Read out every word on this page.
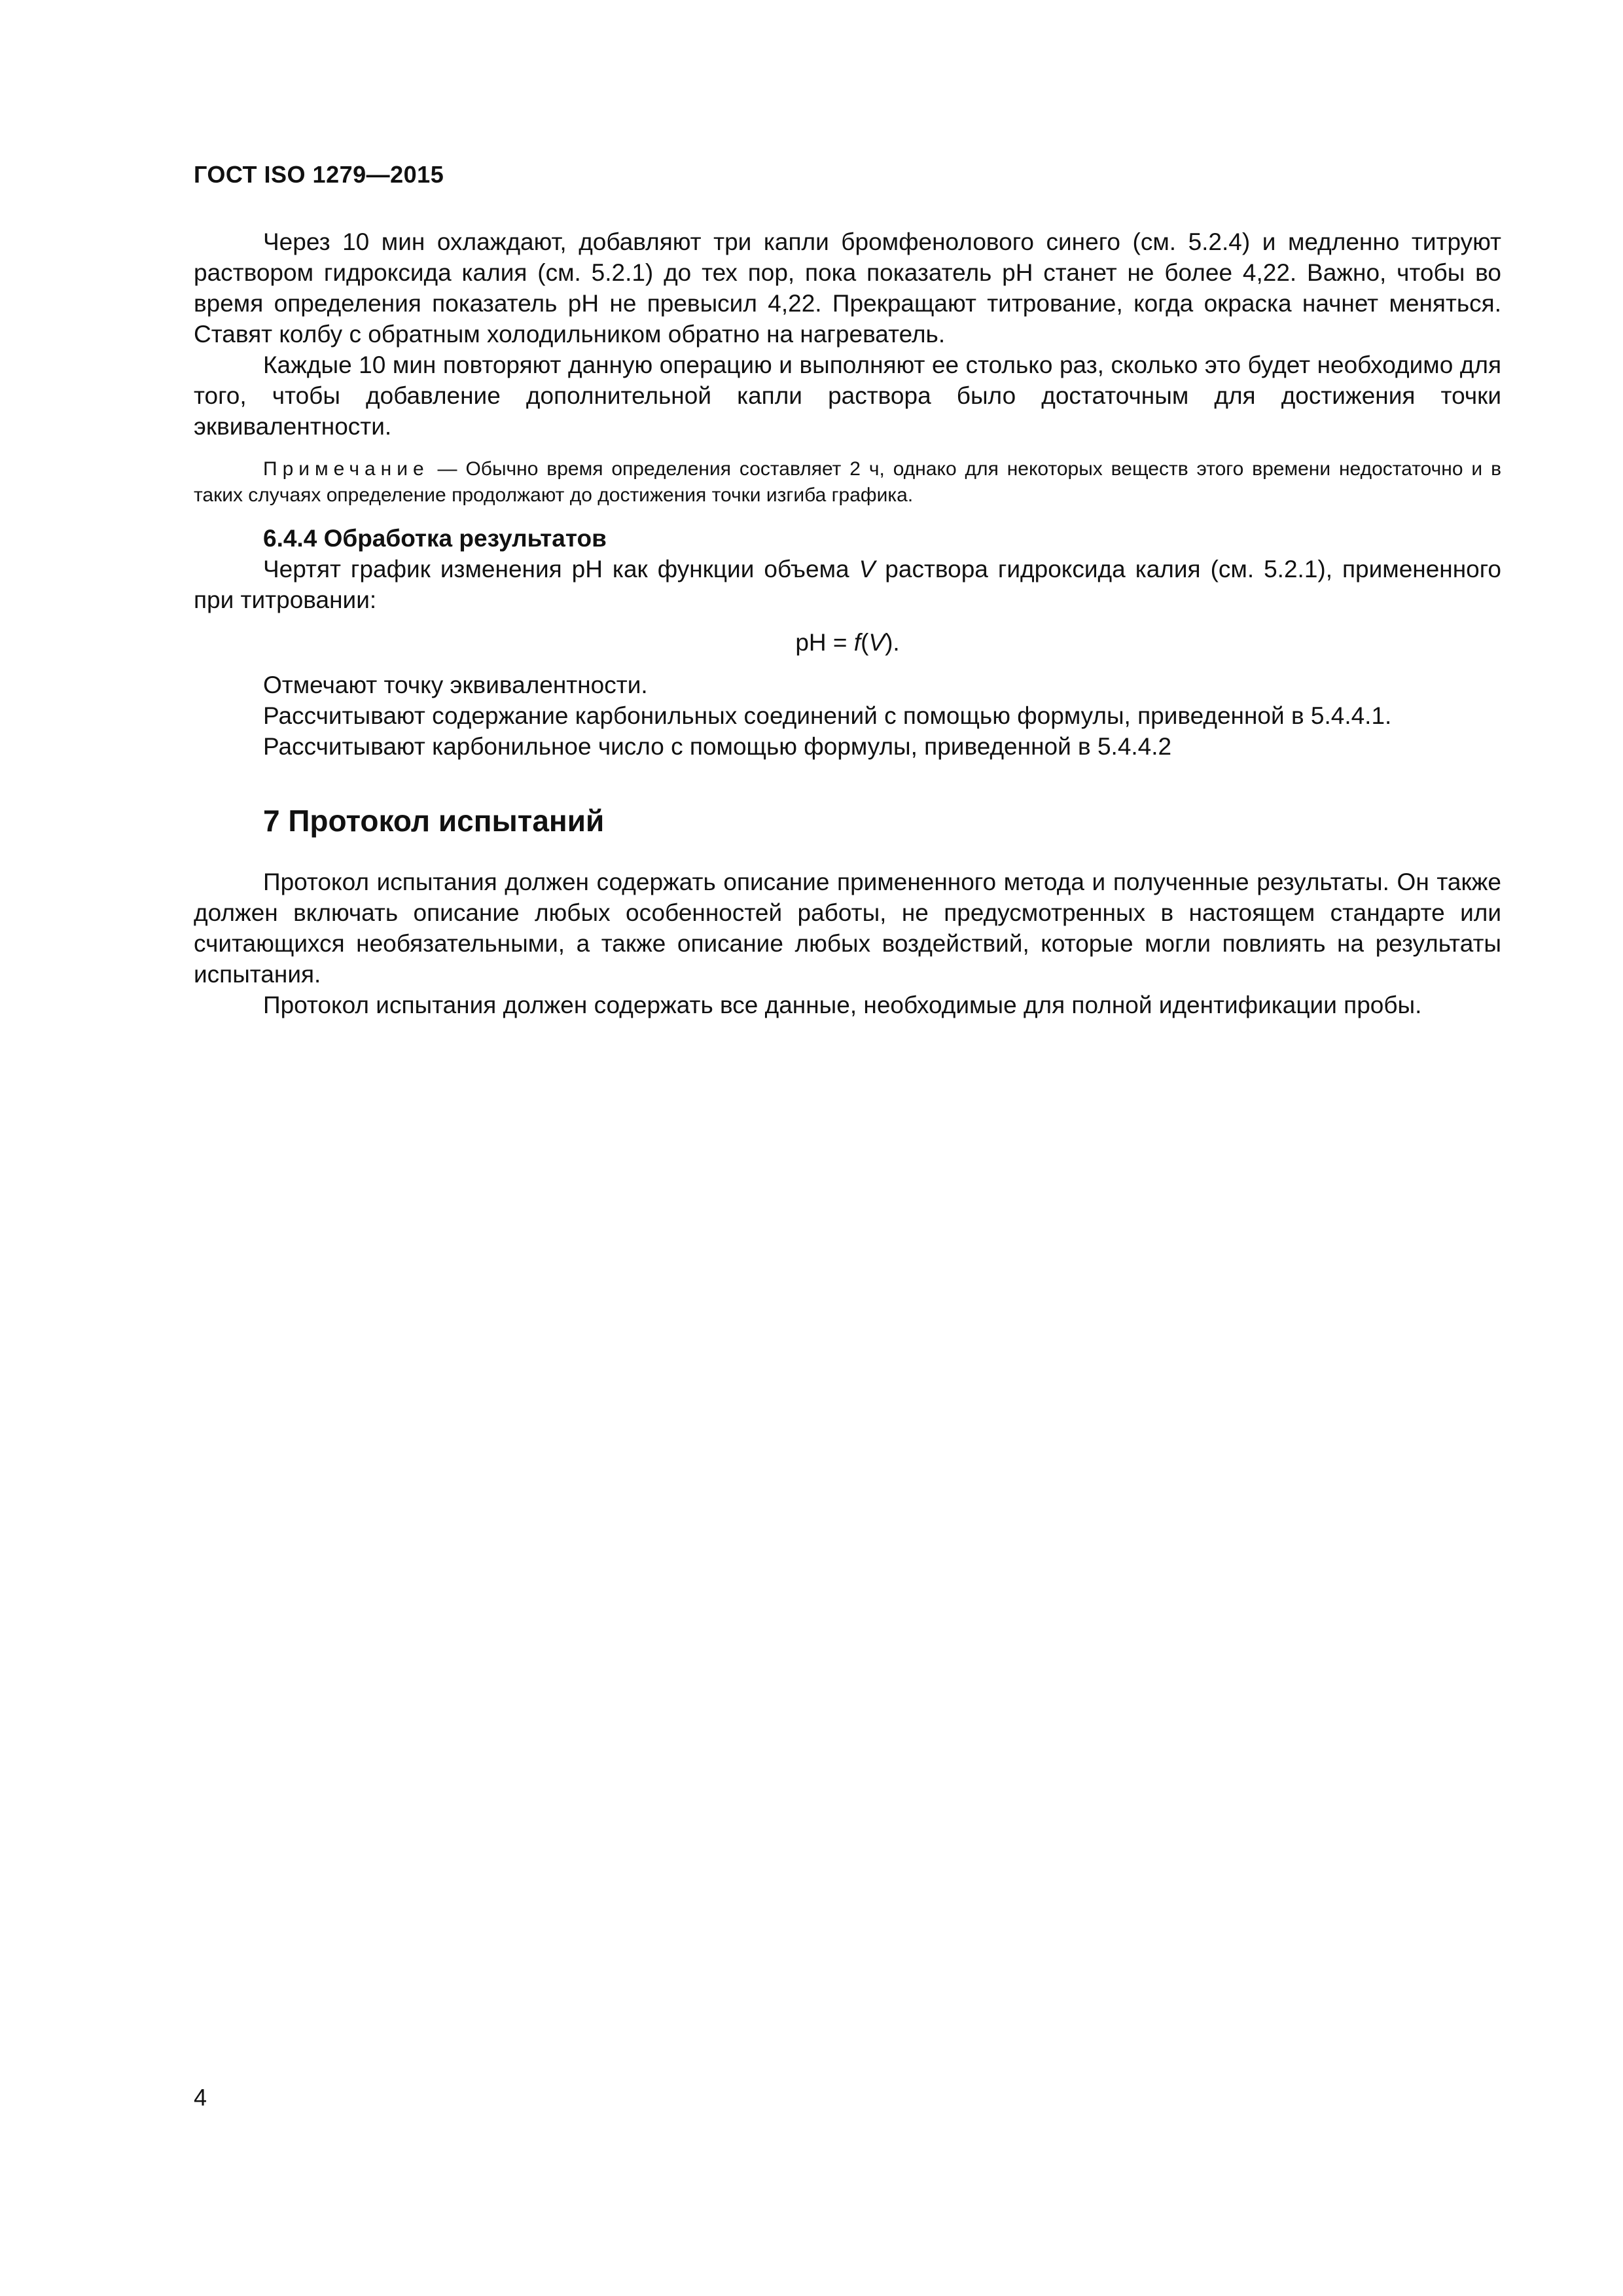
ГОСТ ISO 1279—2015

Через 10 мин охлаждают, добавляют три капли бромфенолового синего (см. 5.2.4) и медленно титруют раствором гидроксида калия (см. 5.2.1) до тех пор, пока показатель pH станет не более 4,22. Важно, чтобы во время определения показатель pH не превысил 4,22. Прекращают титрование, когда окраска начнет меняться. Ставят колбу с обратным холодильником обратно на нагреватель.

Каждые 10 мин повторяют данную операцию и выполняют ее столько раз, сколько это будет необходимо для того, чтобы добавление дополнительной капли раствора было достаточным для достижения точки эквивалентности.

Примечание — Обычно время определения составляет 2 ч, однако для некоторых веществ этого времени недостаточно и в таких случаях определение продолжают до достижения точки изгиба графика.

6.4.4 Обработка результатов

Чертят график изменения pH как функции объема V раствора гидроксида калия (см. 5.2.1), примененного при титровании:

pH = f(V).

Отмечают точку эквивалентности.

Рассчитывают содержание карбонильных соединений с помощью формулы, приведенной в 5.4.4.1.

Рассчитывают карбонильное число с помощью формулы, приведенной в 5.4.4.2

7 Протокол испытаний

Протокол испытания должен содержать описание примененного метода и полученные результаты. Он также должен включать описание любых особенностей работы, не предусмотренных в настоящем стандарте или считающихся необязательными, а также описание любых воздействий, которые могли повлиять на результаты испытания.

Протокол испытания должен содержать все данные, необходимые для полной идентификации пробы.

4
